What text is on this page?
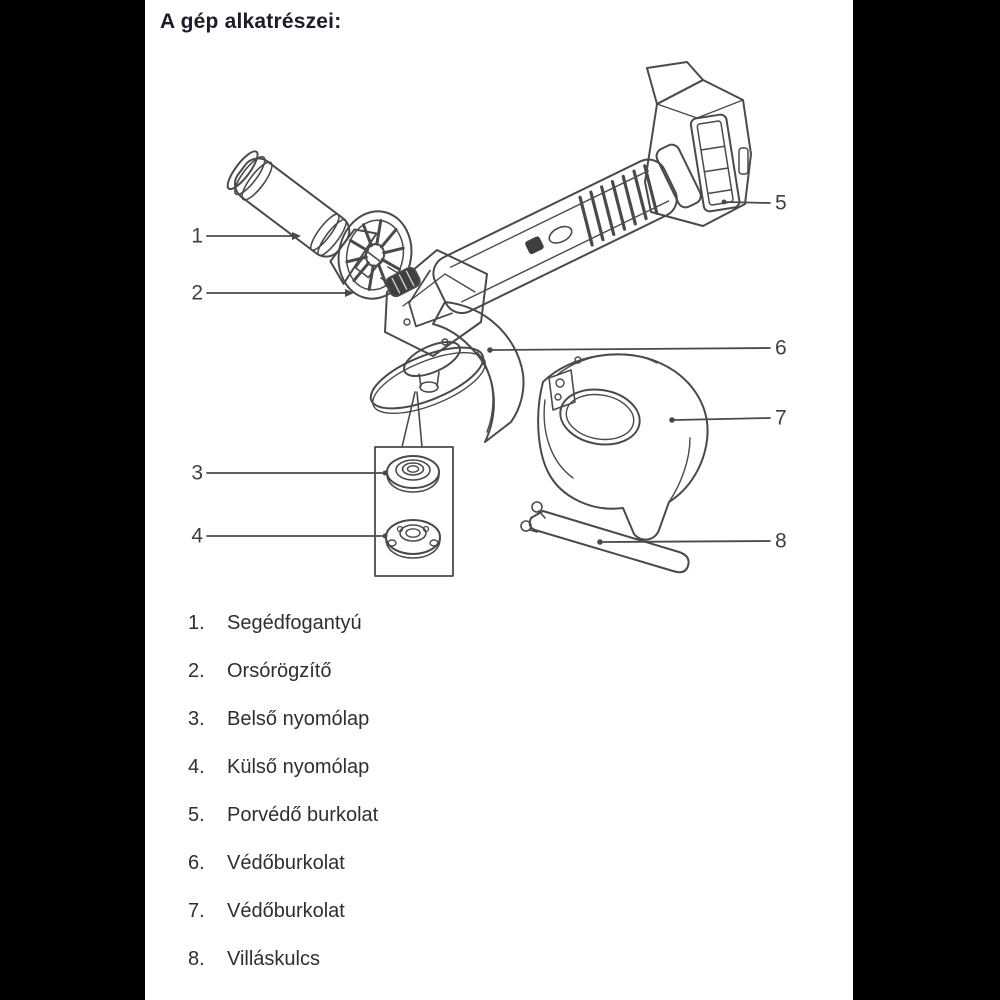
A gép alkatrészei:
1
2
3
4
5
6
7
8
1.	Segédfogantyú
2.	Orsórögzítő
3.	Belső nyomólap
4.	Külső nyomólap
5.	Porvédő burkolat
6.	Védőburkolat
7.	Védőburkolat
8.	Villáskulcs
